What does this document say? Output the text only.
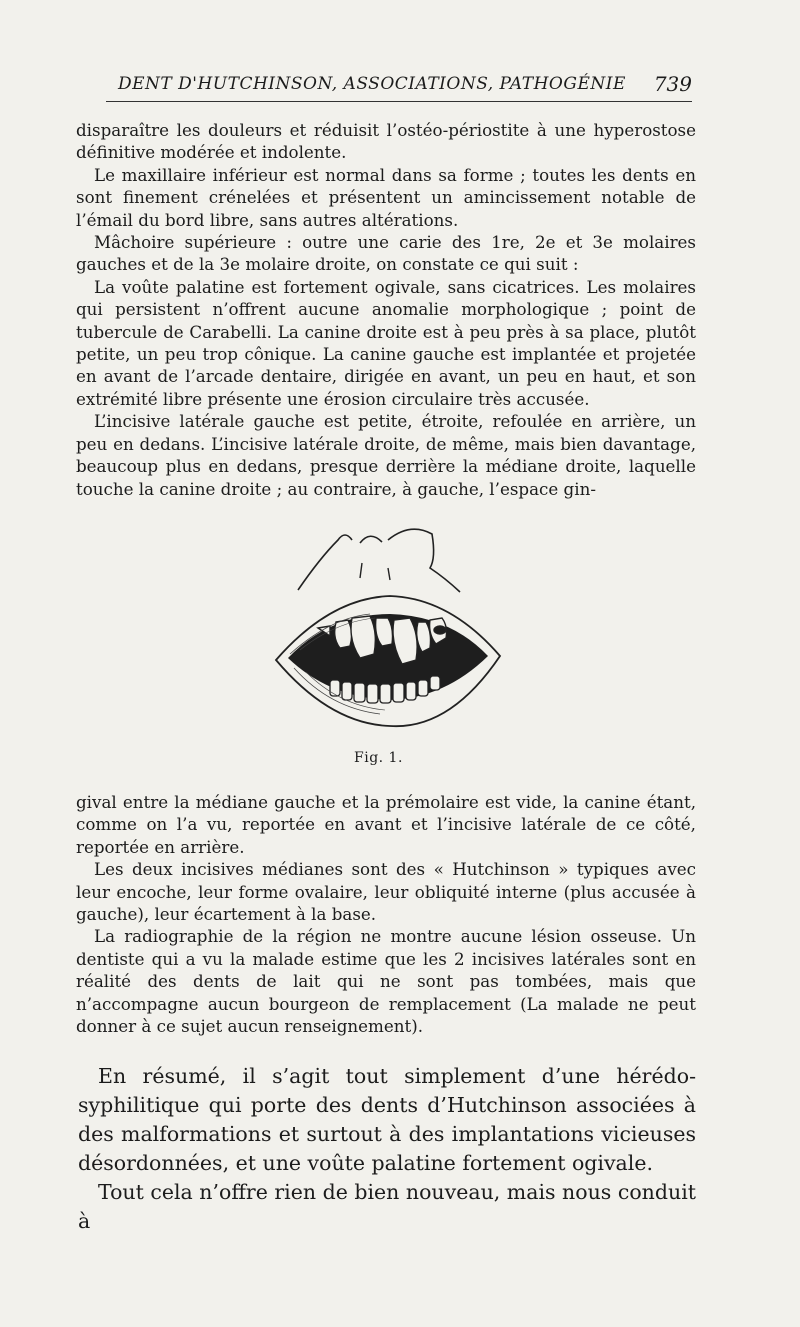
DENT D'HUTCHINSON, ASSOCIATIONS, PATHOGÉNIE 739

disparaître les douleurs et réduisit l’ostéo-périostite à une hyperostose définitive modérée et indolente.

Le maxillaire inférieur est normal dans sa forme ; toutes les dents en sont finement crénelées et présentent un amincissement notable de l’émail du bord libre, sans autres altérations.

Mâchoire supérieure : outre une carie des 1re, 2e et 3e molaires gauches et de la 3e molaire droite, on constate ce qui suit :

La voûte palatine est fortement ogivale, sans cicatrices. Les molaires qui persistent n’offrent aucune anomalie morphologique ; point de tubercule de Carabelli. La canine droite est à peu près à sa place, plutôt petite, un peu trop cônique. La canine gauche est implantée et projetée en avant de l’arcade dentaire, dirigée en avant, un peu en haut, et son extrémité libre présente une érosion circulaire très accusée.

L’incisive latérale gauche est petite, étroite, refoulée en arrière, un peu en dedans. L’incisive latérale droite, de même, mais bien davantage, beaucoup plus en dedans, presque derrière la médiane droite, laquelle touche la canine droite ; au contraire, à gauche, l’espace gin-

Fig. 1.

gival entre la médiane gauche et la prémolaire est vide, la canine étant, comme on l’a vu, reportée en avant et l’incisive latérale de ce côté, reportée en arrière.

Les deux incisives médianes sont des « Hutchinson » typiques avec leur encoche, leur forme ovalaire, leur obliquité interne (plus accusée à gauche), leur écartement à la base.

La radiographie de la région ne montre aucune lésion osseuse. Un dentiste qui a vu la malade estime que les 2 incisives latérales sont en réalité des dents de lait qui ne sont pas tombées, mais que n’accompagne aucun bourgeon de remplacement (La malade ne peut donner à ce sujet aucun renseignement).

En résumé, il s’agit tout simplement d’une hérédo-syphilitique qui porte des dents d’Hutchinson associées à des malformations et surtout à des implantations vicieuses désordonnées, et une voûte palatine fortement ogivale.

Tout cela n’offre rien de bien nouveau, mais nous conduit à
